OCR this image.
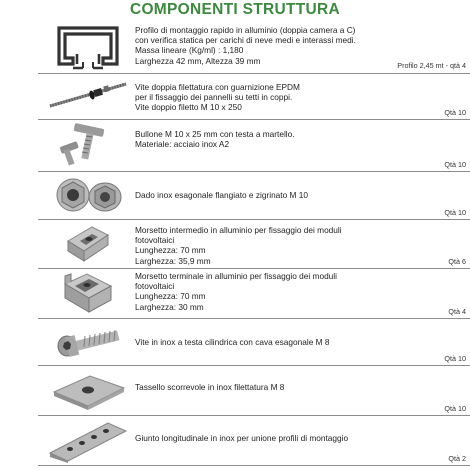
COMPONENTI STRUTTURA
Profilo di montaggio rapido in alluminio (doppia camera a C)
con verifica statica per carichi di neve medi e interassi medi.
Massa lineare (Kg/ml) : 1,180
Larghezza 42 mm, Altezza 39 mm	Profilo 2,45 mt - qtà 4
Vite doppia filettatura con guarnizione EPDM
per il fissaggio dei pannelli su tetti in coppi.
Vite doppio filetto M 10 x 250
Qtà 10
Bullone M 10 x 25 mm con testa a martello.
Materiale: acciaio inox A2
Qtà 10
Dado inox esagonale flangiato e zigrinato M 10
Qtà 10
Morsetto intermedio in alluminio per fissaggio dei moduli
fotovoltaici
Lunghezza: 70 mm
Larghezza: 35,9 mm	Qtà 6
Morsetto terminale in alluminio per fissaggio dei moduli
fotovoltaici
Lunghezza: 70 mm
Larghezza: 30 mm	Qtà 4
Vite in inox a testa cilindrica con cava esagonale M 8
Qtà 10
Tassello scorrevole in inox filettatura M 8
Qtà 10
Giunto longitudinale in inox per unione profili di montaggio
Qtà 2
